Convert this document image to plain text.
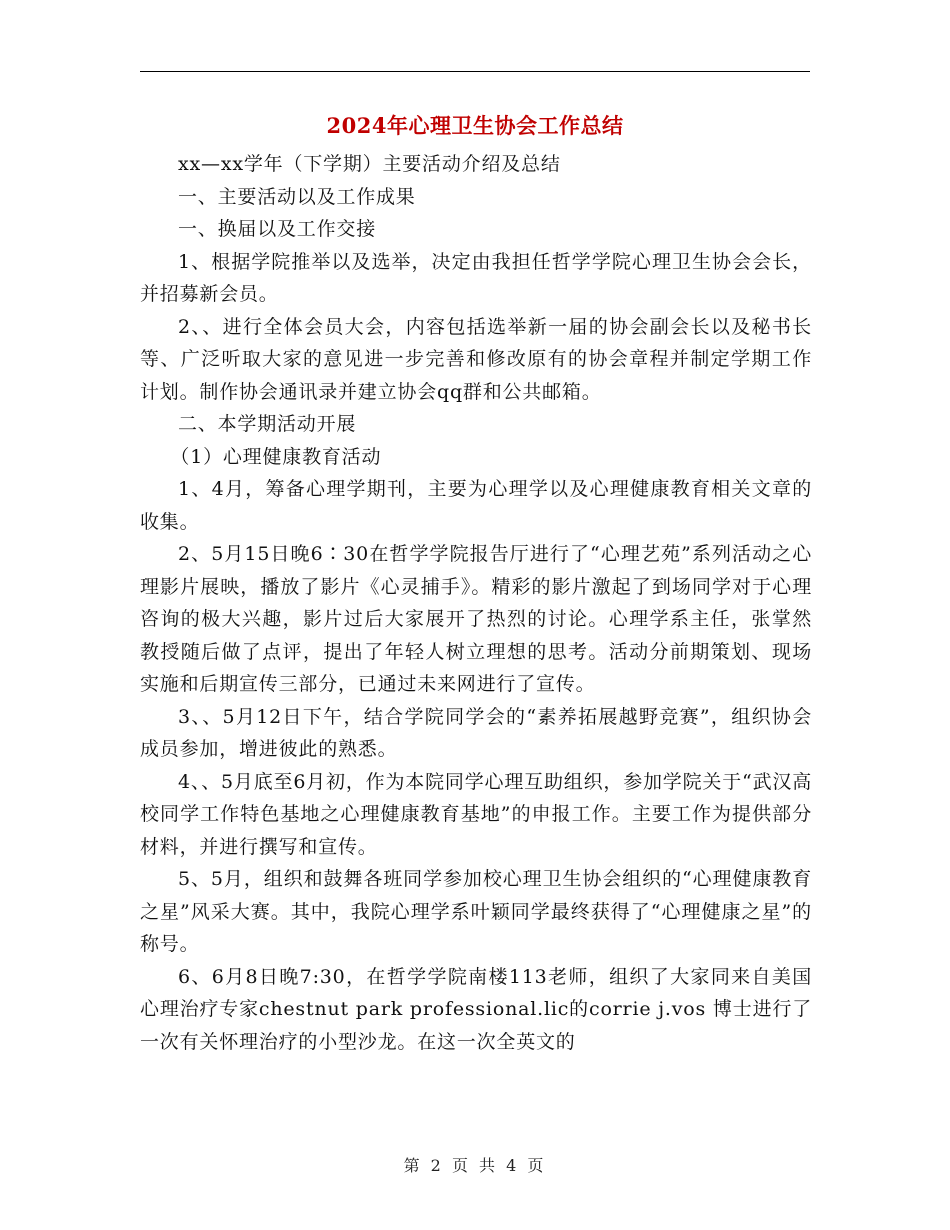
2024年心理卫生协会工作总结

xx—xx学年（下学期）主要活动介绍及总结

一、主要活动以及工作成果

一、换届以及工作交接

1、根据学院推举以及选举，决定由我担任哲学学院心理卫生协会会长，并招募新会员。

2、、进行全体会员大会，内容包括选举新一届的协会副会长以及秘书长等、广泛听取大家的意见进一步完善和修改原有的协会章程并制定学期工作计划。制作协会通讯录并建立协会qq群和公共邮箱。

二、本学期活动开展

（1）心理健康教育活动

1、4月，筹备心理学期刊，主要为心理学以及心理健康教育相关文章的收集。

2、5月15日晚6∶30在哲学学院报告厅进行了“心理艺苑”系列活动之心理影片展映，播放了影片《心灵捕手》。精彩的影片激起了到场同学对于心理咨询的极大兴趣，影片过后大家展开了热烈的讨论。心理学系主任，张掌然教授随后做了点评，提出了年轻人树立理想的思考。活动分前期策划、现场实施和后期宣传三部分，已通过未来网进行了宣传。

3、、5月12日下午，结合学院同学会的“素养拓展越野竞赛”，组织协会成员参加，增进彼此的熟悉。

4、、5月底至6月初，作为本院同学心理互助组织，参加学院关于“武汉高校同学工作特色基地之心理健康教育基地”的申报工作。主要工作为提供部分材料，并进行撰写和宣传。

5、5月，组织和鼓舞各班同学参加校心理卫生协会组织的“心理健康教育之星”风采大赛。其中，我院心理学系叶颖同学最终获得了“心理健康之星”的称号。

6、6月8日晚7:30，在哲学学院南楼113老师，组织了大家同来自美国心理治疗专家chestnut park professional.lic的corrie j.vos 博士进行了一次有关怀理治疗的小型沙龙。在这一次全英文的

第 2 页 共 4 页
